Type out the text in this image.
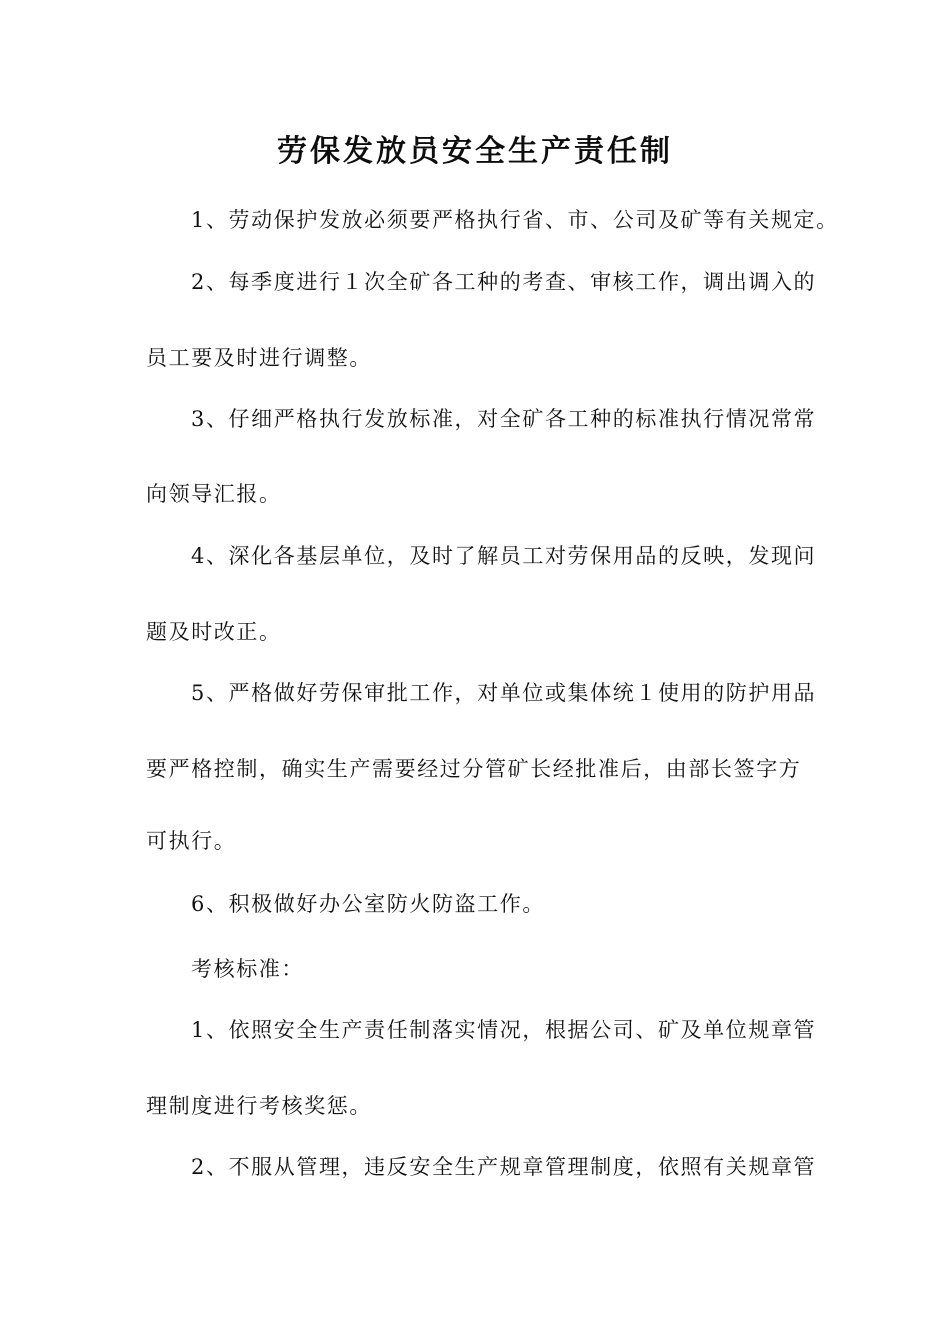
劳保发放员安全生产责任制
1、劳动保护发放必须要严格执行省、市、公司及矿等有关规定。
2、每季度进行１次全矿各工种的考查、审核工作，调出调入的
员工要及时进行调整。
3、仔细严格执行发放标准，对全矿各工种的标准执行情况常常
向领导汇报。
4、深化各基层单位，及时了解员工对劳保用品的反映，发现问
题及时改正。
5、严格做好劳保审批工作，对单位或集体统１使用的防护用品
要严格控制，确实生产需要经过分管矿长经批准后，由部长签字方
可执行。
6、积极做好办公室防火防盗工作。
考核标准：
1、依照安全生产责任制落实情况，根据公司、矿及单位规章管
理制度进行考核奖惩。
2、不服从管理，违反安全生产规章管理制度，依照有关规章管
